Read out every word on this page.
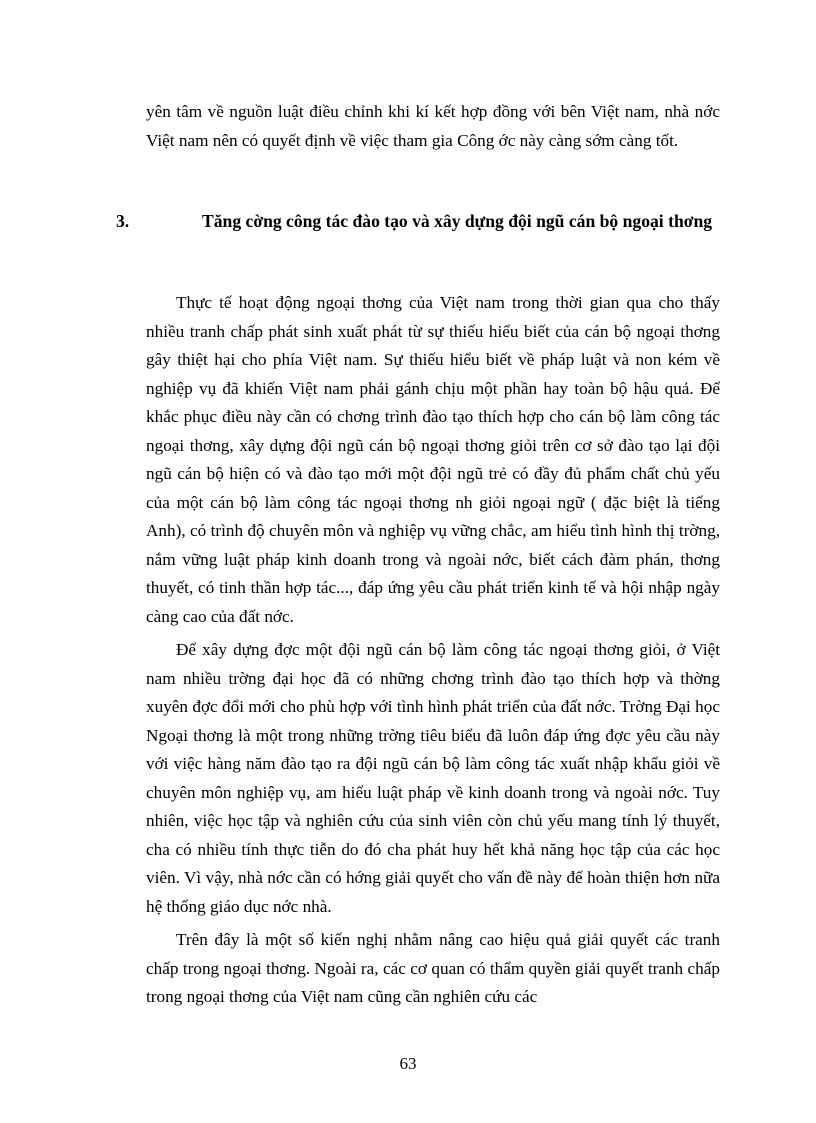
yên tâm về nguồn luật điều chỉnh khi kí kết hợp đồng với bên Việt nam, nhà nớc Việt nam nên có quyết định về việc tham gia Công ớc này càng sớm càng tốt.

3.	Tăng cờng công tác đào tạo và xây dựng đội ngũ cán bộ ngoại thơng

Thực tế hoạt động ngoại thơng của Việt nam trong thời gian qua cho thấy nhiều tranh chấp phát sinh xuất phát từ sự thiếu hiểu biết của cán bộ ngoại thơng gây thiệt hại cho phía Việt nam. Sự thiếu hiểu biết về pháp luật và non kém về nghiệp vụ đã khiến Việt nam phải gánh chịu một phần hay toàn bộ hậu quả. Để khắc phục điều này cần có chơng trình đào tạo thích hợp cho cán bộ làm công tác ngoại thơng, xây dựng đội ngũ cán bộ ngoại thơng giỏi trên cơ sở đào tạo lại đội ngũ cán bộ hiện có và đào tạo mới một đội ngũ trẻ có đầy đủ phẩm chất chủ yếu của một cán bộ làm công tác ngoại thơng nh giỏi ngoại ngữ ( đặc biệt là tiếng Anh), có trình độ chuyên môn và nghiệp vụ vững chắc, am hiểu tình hình thị trờng, nắm vững luật pháp kinh doanh trong và ngoài nớc, biết cách đàm phán, thơng thuyết, có tinh thần hợp tác..., đáp ứng yêu cầu phát triển kinh tế và hội nhập ngày càng cao của đất nớc.

Để xây dựng đợc một đội ngũ cán bộ làm công tác ngoại thơng giỏi, ở Việt nam nhiều trờng đại học đã có những chơng trình đào tạo thích hợp và thờng xuyên đợc đổi mới cho phù hợp với tình hình phát triển của đất nớc. Trờng Đại học Ngoại thơng là một trong những trờng tiêu biểu đã luôn đáp ứng đợc yêu cầu này với việc hàng năm đào tạo ra đội ngũ cán bộ làm công tác xuất nhập khẩu giỏi về chuyên môn nghiệp vụ, am hiểu luật pháp về kinh doanh trong và ngoài nớc. Tuy nhiên, việc học tập và nghiên cứu của sinh viên còn chủ yếu mang tính lý thuyết, cha có nhiều tính thực tiễn do đó cha phát huy hết khả năng học tập của các học viên. Vì vậy, nhà nớc cần có hớng giải quyết cho vấn đề này để hoàn thiện hơn nữa hệ thống giáo dục nớc nhà.

Trên đây là một số kiến nghị nhằm nâng cao hiệu quả giải quyết các tranh chấp trong ngoại thơng. Ngoài ra, các cơ quan có thẩm quyền giải quyết tranh chấp trong ngoại thơng của Việt nam cũng cần nghiên cứu các

63
